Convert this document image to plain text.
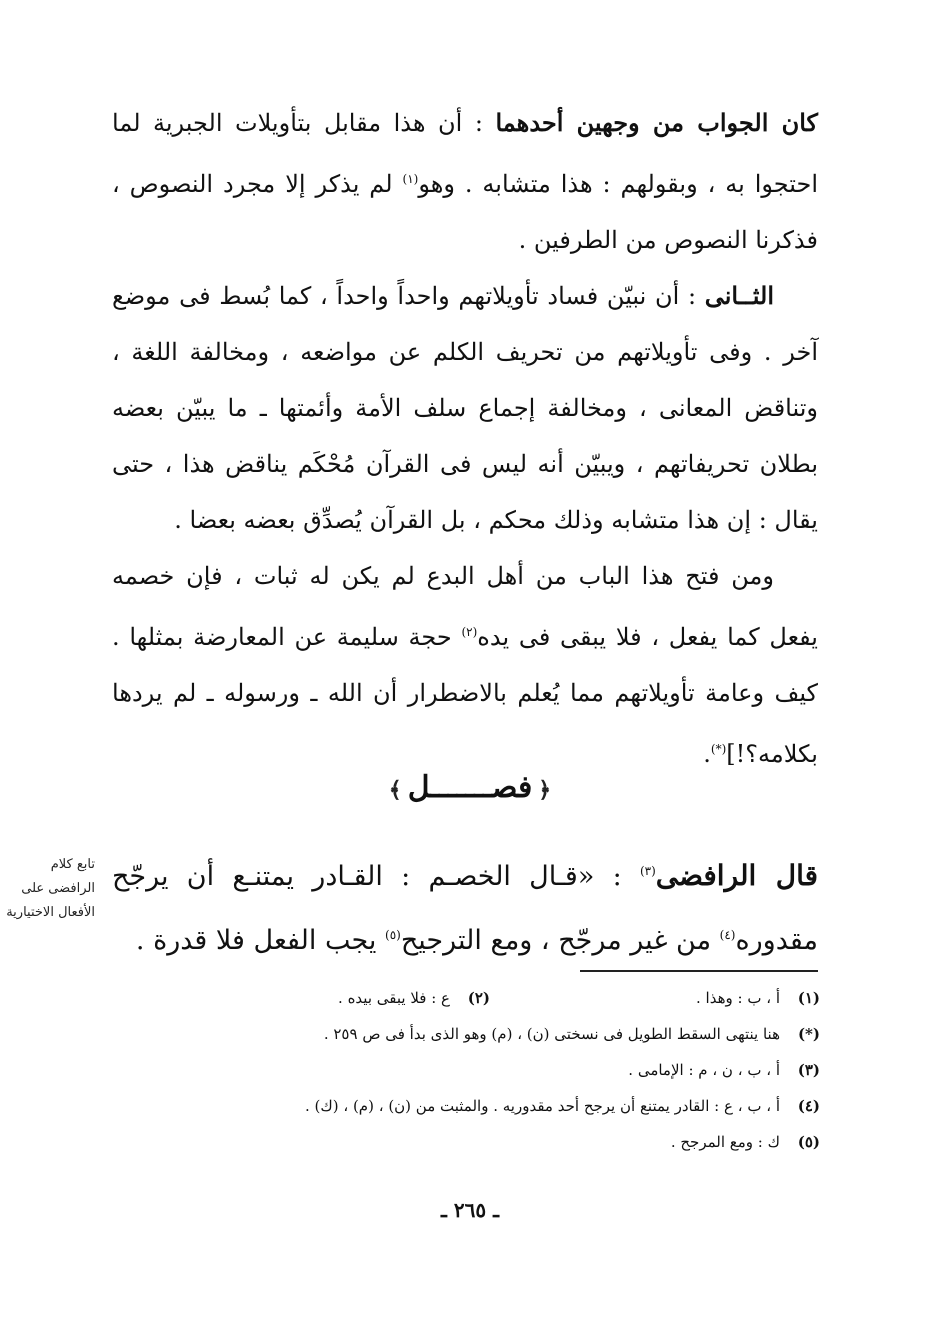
تابع كلام
الرافضى على
الأفعال الاختيارية

كان الجواب من وجهين أحدهما : أن هذا مقابل بتأويلات الجبرية لما احتجوا به ، وبقولهم : هذا متشابه . وهو$^{(١)}$ لم يذكر إلا مجرد النصوص ، فذكرنا النصوص من الطرفين .

الثــانى : أن نبيّن فساد تأويلاتهم واحداً واحداً ، كما بُسط فى موضع آخر . وفى تأويلاتهم من تحريف الكلم عن مواضعه ، ومخالفة اللغة ، وتناقض المعانى ، ومخالفة إجماع سلف الأمة وأئمتها ـ ما يبيّن بعضه بطلان تحريفاتهم ، ويبيّن أنه ليس فى القرآن مُحْكَم يناقض هذا ، حتى يقال : إن هذا متشابه وذلك محكم ، بل القرآن يُصدِّق بعضه بعضا .

ومن فتح هذا الباب من أهل البدع لم يكن له ثبات ، فإن خصمه يفعل كما يفعل ، فلا يبقى فى يده$^{(٢)}$ حجة سليمة عن المعارضة بمثلها . كيف وعامة تأويلاتهم مما يُعلم بالاضطرار أن الله ـ ورسوله ـ لم يردها بكلامه؟!](*).

﴿فصـــــــل﴾

قال الرافضى$^{(٣)}$ : «قـال الخصـم : القـادر يمتنـع أن يرجّح مقدوره$^{(٤)}$ من غير مرجّح ، ومع الترجيح$^{(٥)}$ يجب الفعل فلا قدرة .

(١)
أ ، ب : وهذا .
(٢)
ع : فلا يبقى بيده .
(*)
هنا ينتهى السقط الطويل فى نسختى (ن) ، (م) وهو الذى بدأ فى ص ٢٥٩ .
(٣)
أ ، ب ، ن ، م : الإمامى .
(٤)
أ ، ب ، ع : القادر يمتنع أن يرجح أحد مقدوريه . والمثبت من (ن) ، (م) ، (ك) .
(٥)
ك : ومع المرجح .
ـ ٢٦٥ ـ
